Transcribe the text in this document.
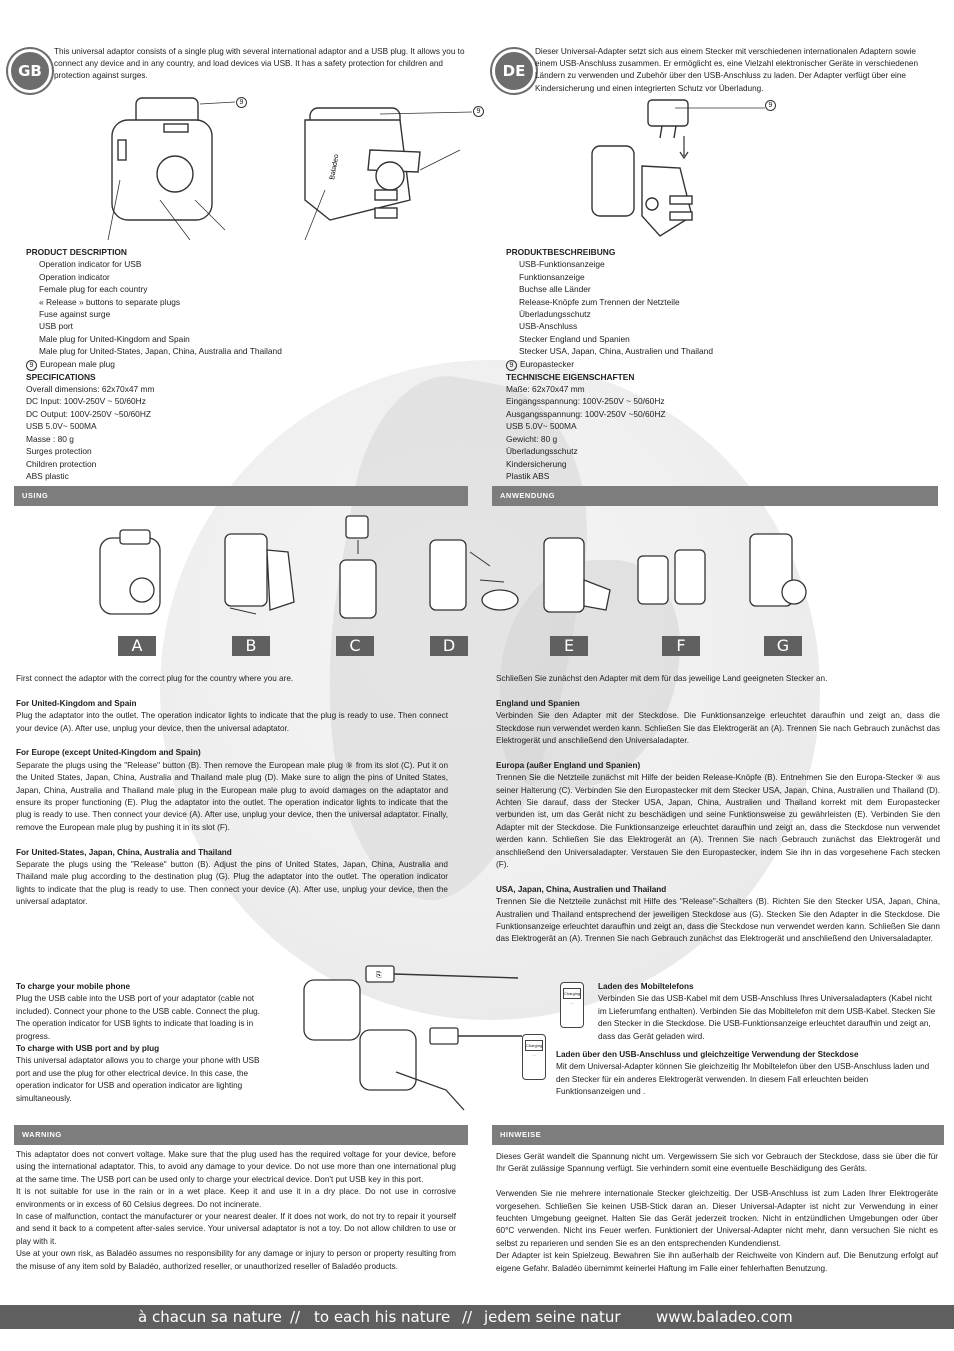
GB
This universal adaptor consists of a single plug with several international adaptor and a USB plug. It allows you to connect any device and in any country, and load devices via USB. It has a safety protection for children and protection against surges.
Baladeo
9
9
PRODUCT DESCRIPTION
Operation indicator for USB
Operation indicator
Female plug for each country
« Release » buttons to separate plugs
Fuse against surge
USB port
Male plug for United-Kingdom and Spain
Male plug for United-States, Japan, China, Australia and Thailand
9 European male plug
SPECIFICATIONS
Overall dimensions: 62x70x47 mm
DC Input: 100V-250V ~ 50/60Hz
DC Output: 100V-250V ~50/60HZ
USB 5.0V~ 500MA
Masse : 80 g
Surges protection
Children protection
ABS plastic
DE
Dieser Universal-Adapter setzt sich aus einem Stecker mit verschiedenen internationalen Adaptern sowie einem USB-Anschluss zusammen. Er ermöglicht es, eine Vielzahl elektronischer Geräte in verschiedenen Ländern zu verwenden und Zubehör über den USB-Anschluss zu laden. Der Adapter verfügt über eine Kindersicherung und einen integrierten Schutz vor Überladung.
9
PRODUKTBESCHREIBUNG
USB-Funktionsanzeige
Funktionsanzeige
Buchse alle Länder
Release-Knöpfe zum Trennen der Netzteile
Überladungsschutz
USB-Anschluss
Stecker England und Spanien
Stecker USA, Japan, China, Australien und Thailand
9 Europastecker
TECHNISCHE EIGENSCHAFTEN
Maße: 62x70x47 mm
Eingangsspannung: 100V-250V ~ 50/60Hz
Ausgangsspannung: 100V-250V ~50/60HZ
USB 5.0V~ 500MA
Gewicht: 80 g
Überladungsschutz
Kindersicherung
Plastik ABS
USING	ANWENDUNG
A	B	C	D	E	F	G

First connect the adaptor with the correct plug for the country where you are.

For United-Kingdom and Spain

Plug the adaptator into the outlet. The operation indicator lights to indicate that the plug is ready to use. Then connect your device (A). After use, unplug your device, then the universal adaptator.

For Europe (except United-Kingdom and Spain)

Separate the plugs using the "Release" button (B). Then remove the European male plug ⑨ from its slot (C). Put it on the United States, Japan, China, Australia and Thailand male plug (D). Make sure to align the pins of United States, Japan, China, Australia and Thailand male plug in the European male plug to avoid damages on the adaptator and ensure its proper functioning (E). Plug the adaptator into the outlet. The operation indicator lights to indicate that the plug is ready to use. Then connect your device (A). After use, unplug your device, then the universal adaptator. Finally, remove the European male plug by pushing it in its slot (F).

For United-States, Japan, China, Australia and Thailand

Separate the plugs using the "Release" button (B). Adjust the pins of United States, Japan, China, Australia and Thailand male plug according to the destination plug (G). Plug the adaptator into the outlet. The operation indicator lights to indicate that the plug is ready to use. Then connect your device (A). After use, unplug your device, then the universal adaptator.

Schließen Sie zunächst den Adapter mit dem für das jeweilige Land geeigneten Stecker an.

England und Spanien

Verbinden Sie den Adapter mit der Steckdose. Die Funktionsanzeige erleuchtet daraufhin und zeigt an, dass die Steckdose nun verwendet werden kann. Schließen Sie das Elektrogerät an (A). Trennen Sie nach Gebrauch zunächst das Elektrogerät und anschließend den Universaladapter.

Europa (außer England und Spanien)

Trennen Sie die Netzteile zunächst mit Hilfe der beiden Release-Knöpfe (B). Entnehmen Sie den Europa-Stecker ⑨ aus seiner Halterung (C). Verbinden Sie den Europastecker mit dem Stecker USA, Japan, China, Australien und Thailand (D). Achten Sie darauf, dass der Stecker USA, Japan, China, Australien und Thailand korrekt mit dem Europastecker verbunden ist, um das Gerät nicht zu beschädigen und seine Funktionsweise zu gewährleisten (E). Verbinden Sie den Adapter mit der Steckdose. Die Funktionsanzeige erleuchtet daraufhin und zeigt an, dass die Steckdose nun verwendet werden kann. Schließen Sie das Elektrogerät an (A). Trennen Sie nach Gebrauch zunächst das Elektrogerät und anschließend den Universaladapter. Verstauen Sie den Europastecker, indem Sie ihn in das vorgesehene Fach stecken (F).

USA, Japan, China, Australien und Thailand

Trennen Sie die Netzteile zunächst mit Hilfe des "Release"-Schalters (B). Richten Sie den Stecker USA, Japan, China, Australien und Thailand entsprechend der jeweiligen Steckdose aus (G). Stecken Sie den Adapter in die Steckdose. Die Funktionsanzeige erleuchtet daraufhin und zeigt an, dass die Steckdose nun verwendet werden kann. Schließen Sie dann das Elektrogerät an (A). Trennen Sie nach Gebrauch zunächst das Elektrogerät und anschließend den Universaladapter.

To charge your mobile phone

Plug the USB cable into the USB port of your adaptator (cable not included). Connect your phone to the USB cable. Connect the plug. The operation indicator for USB lights to indicate that loading is in progress.

To charge with USB port and by plug

This universal adaptator allows you to charge your phone with USB port and use the plug for other electrical device. In this case, the operation indicator for USB and operation indicator are lighting simultaneously.

⎘
Charging ...
Charging ...

Laden des Mobiltelefons

Verbinden Sie das USB-Kabel mit dem USB-Anschluss Ihres Universaladapters (Kabel nicht im Lieferumfang enthalten). Verbinden Sie das Mobiltelefon mit dem USB-Kabel. Stecken Sie den Stecker in die Steckdose. Die USB-Funktionsanzeige erleuchtet daraufhin und zeigt an, dass das Gerät geladen wird.

Laden über den USB-Anschluss und gleichzeitige Verwendung der Steckdose

Mit dem Universal-Adapter können Sie gleichzeitig Ihr Mobiltelefon über den USB-Anschluss laden und den Stecker für ein anderes Elektrogerät verwenden. In diesem Fall erleuchten beiden Funktionsanzeigen und .

WARNING	HINWEISE

This adaptator does not convert voltage. Make sure that the plug used has the required voltage for your device, before using the international adaptator. This, to avoid any damage to your device. Do not use more than one international plug at the same time. The USB port can be used only to charge your electrical device. Don't put USB key in this port.

It is not suitable for use in the rain or in a wet place. Keep it and use it in a dry place. Do not use in corrosive environments or in excess of 60 Celsius degrees. Do not incinerate.

In case of malfunction, contact the manufacturer or your nearest dealer. If it does not work, do not try to repair it yourself and send it back to a competent after-sales service. Your universal adaptator is not a toy. Do not allow children to use or play with it.

Use at your own risk, as Baladéo assumes no responsibility for any damage or injury to person or property resulting from the misuse of any item sold by Baladéo, authorized reseller, or unauthorized reseller of Baladéo products.

Dieses Gerät wandelt die Spannung nicht um. Vergewissern Sie sich vor Gebrauch der Steckdose, dass sie über die für Ihr Gerät zulässige Spannung verfügt. Sie verhindern somit eine eventuelle Beschädigung des Geräts.

Verwenden Sie nie mehrere internationale Stecker gleichzeitig. Der USB-Anschluss ist zum Laden Ihrer Elektrogeräte vorgesehen. Schließen Sie keinen USB-Stick daran an. Dieser Universal-Adapter ist nicht zur Verwendung in einer feuchten Umgebung geeignet. Halten Sie das Gerät jederzeit trocken. Nicht in entzündlichen Umgebungen oder über 60°C verwenden. Nicht ins Feuer werfen. Funktioniert der Universal-Adapter nicht mehr, dann versuchen Sie nicht es selbst zu reparieren und senden Sie es an den entsprechenden Kundendienst.

Der Adapter ist kein Spielzeug. Bewahren Sie ihn außerhalb der Reichweite von Kindern auf. Die Benutzung erfolgt auf eigene Gefahr. Baladéo übernimmt keinerlei Haftung im Falle einer fehlerhaften Benutzung.

à chacun sa nature // to each his nature // jedem seine natur www.baladeo.com
